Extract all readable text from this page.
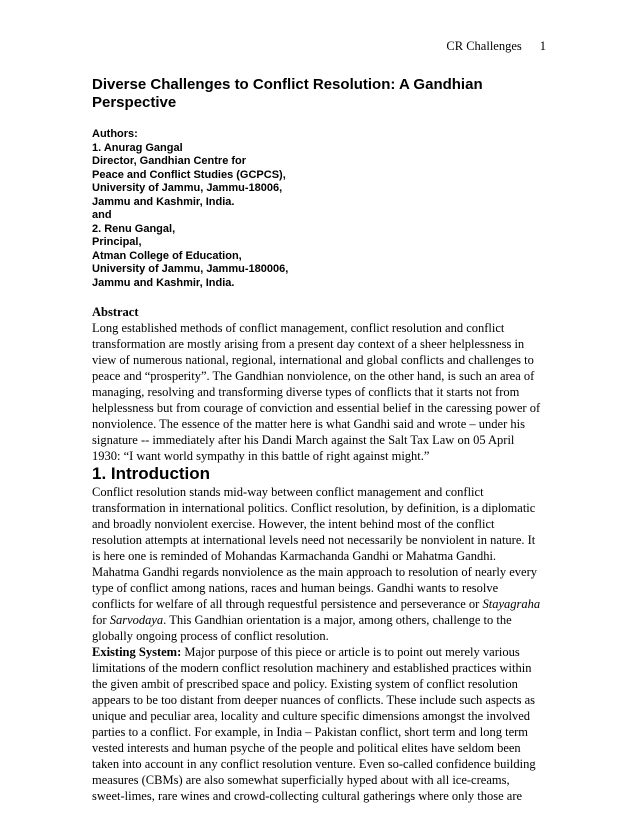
CR Challenges 1
Diverse Challenges to Conflict Resolution: A Gandhian
Perspective
Authors:
1. Anurag Gangal
Director, Gandhian Centre for
Peace and Conflict Studies (GCPCS),
University of Jammu, Jammu-18006,
Jammu and Kashmir, India.
and
2. Renu Gangal,
Principal,
Atman College of Education,
University of Jammu, Jammu-180006,
Jammu and Kashmir, India.
Abstract

Long established methods of conflict management, conflict resolution and conflict
transformation are mostly arising from a present day context of a sheer helplessness in
view of numerous national, regional, international and global conflicts and challenges to
peace and “prosperity”. The Gandhian nonviolence, on the other hand, is such an area of
managing, resolving and transforming diverse types of conflicts that it starts not from
helplessness but from courage of conviction and essential belief in the caressing power of
nonviolence. The essence of the matter here is what Gandhi said and wrote – under his
signature -- immediately after his Dandi March against the Salt Tax Law on 05 April
1930: “I want world sympathy in this battle of right against might.”

1. Introduction

Conflict resolution stands mid-way between conflict management and conflict
transformation in international politics. Conflict resolution, by definition, is a diplomatic
and broadly nonviolent exercise. However, the intent behind most of the conflict
resolution attempts at international levels need not necessarily be nonviolent in nature. It
is here one is reminded of Mohandas Karmachanda Gandhi or Mahatma Gandhi.
Mahatma Gandhi regards nonviolence as the main approach to resolution of nearly every
type of conflict among nations, races and human beings. Gandhi wants to resolve
conflicts for welfare of all through requestful persistence and perseverance or Stayagraha
for Sarvodaya. This Gandhian orientation is a major, among others, challenge to the
globally ongoing process of conflict resolution.
Existing System: Major purpose of this piece or article is to point out merely various
limitations of the modern conflict resolution machinery and established practices within
the given ambit of prescribed space and policy. Existing system of conflict resolution
appears to be too distant from deeper nuances of conflicts. These include such aspects as
unique and peculiar area, locality and culture specific dimensions amongst the involved
parties to a conflict. For example, in India – Pakistan conflict, short term and long term
vested interests and human psyche of the people and political elites have seldom been
taken into account in any conflict resolution venture. Even so-called confidence building
measures (CBMs) are also somewhat superficially hyped about with all ice-creams,
sweet-limes, rare wines and crowd-collecting cultural gatherings where only those are
